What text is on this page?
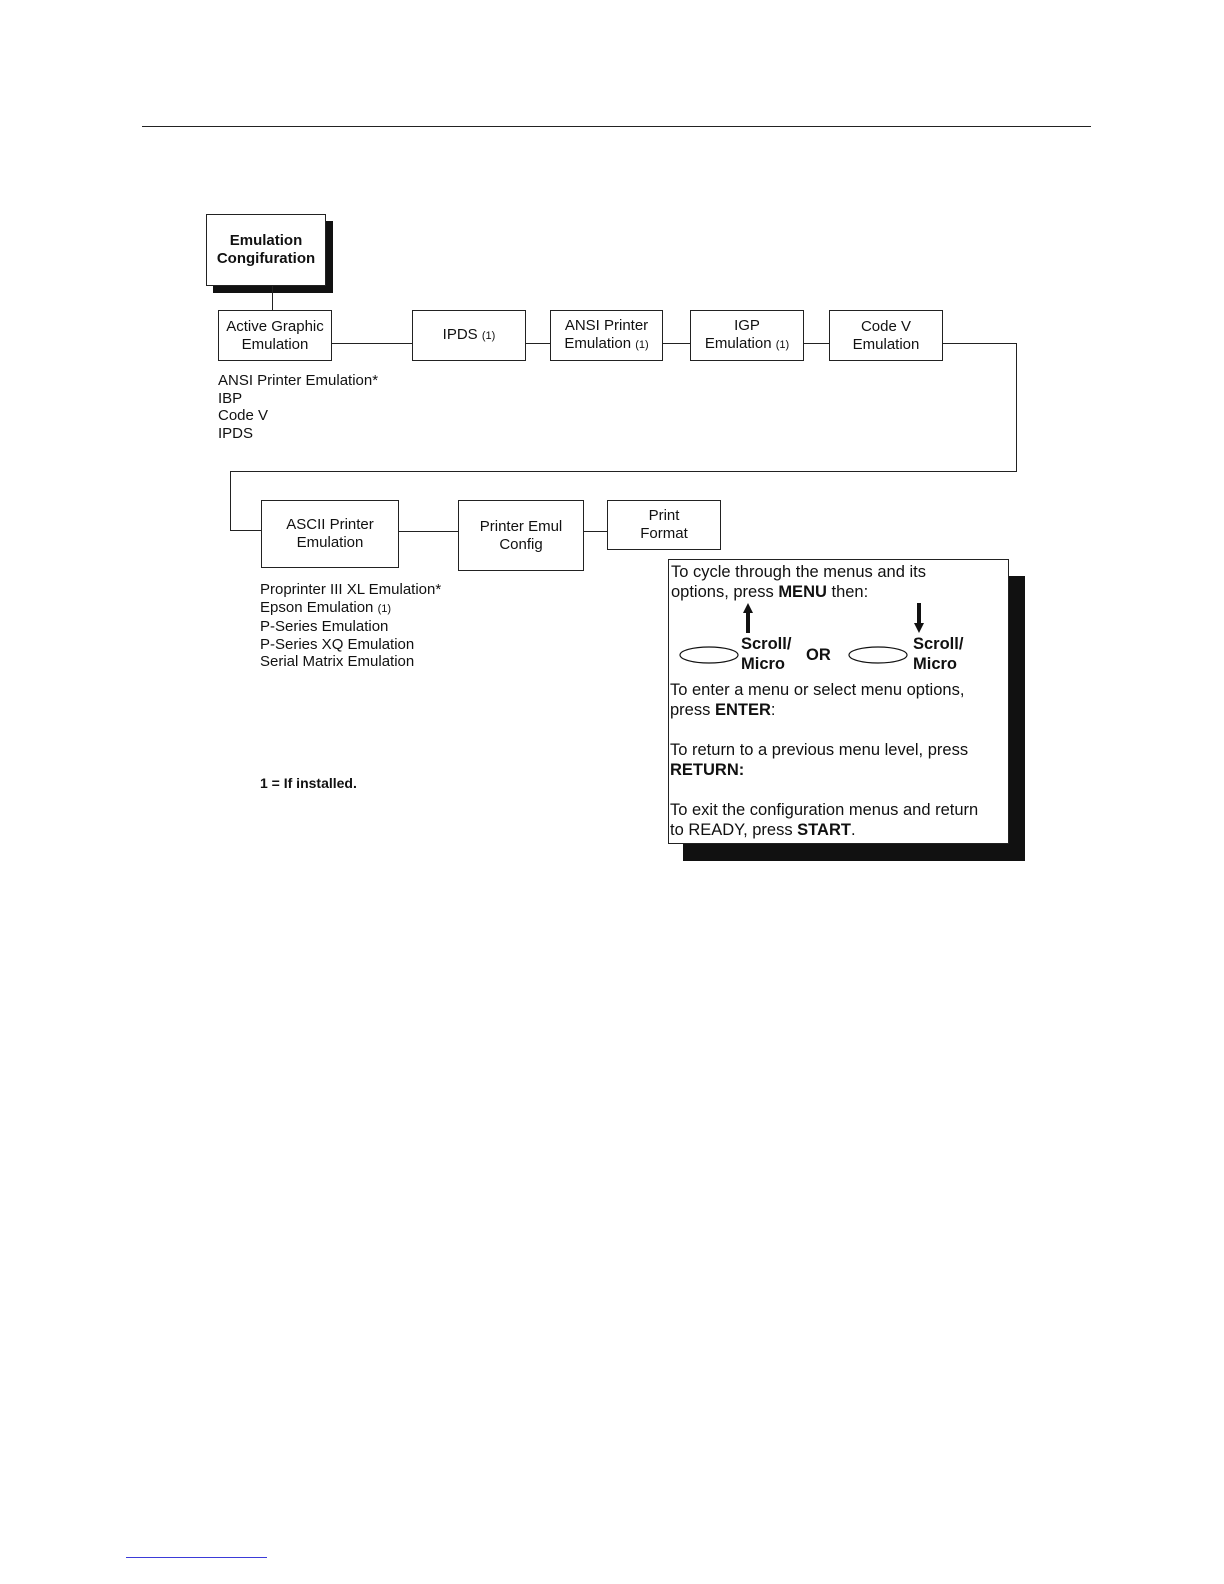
Emulation
Congifuration
Active Graphic
Emulation
IPDS (1)
ANSI Printer
Emulation (1)
IGP
Emulation (1)
Code V
Emulation
ANSI Printer Emulation*
IBP
Code V
IPDS
ASCII Printer
Emulation
Printer Emul
Config
Print
Format
Proprinter III XL Emulation*
Epson Emulation (1)
P-Series Emulation
P-Series XQ Emulation
Serial Matrix Emulation
1 = If installed.

To cycle through the menus and its

options, press MENU then:

Scroll/
Micro	OR
Scroll/
Micro
To enter a menu or select menu options,
press ENTER:
To return to a previous menu level, press
RETURN:
To exit the configuration menus and return
to READY, press START.
